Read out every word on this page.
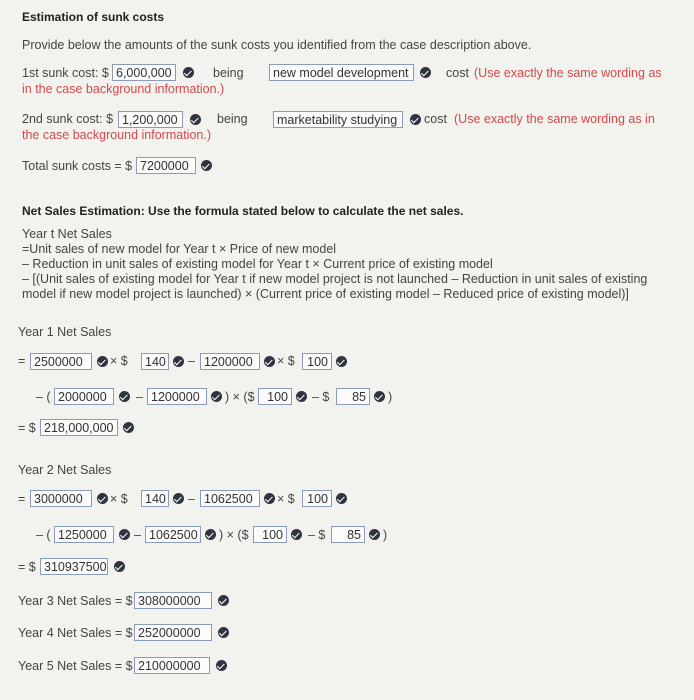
Estimation of sunk costs
Provide below the amounts of the sunk costs you identified from the case description above.
1st sunk cost: $ 6,000,000	being	new model development	cost (Use exactly the same wording as
in the case background information.)
2nd sunk cost: $ 1,200,000	being	marketability studying	cost (Use exactly the same wording as in
the case background information.)
Total sunk costs = $ 7200000
Net Sales Estimation: Use the formula stated below to calculate the net sales.
Year t Net Sales
=Unit sales of new model for Year t × Price of new model
– Reduction in unit sales of existing model for Year t × Current price of existing model
– [(Unit sales of existing model for Year t if new model project is not launched – Reduction in unit sales of existing
model if new model project is launched) × (Current price of existing model – Reduced price of existing model)]
Year 1 Net Sales
= 2500000	× $	140 – 1200000	× $ 100
– ( 2000000	– 1200000	) × ($	100	– $	85	)
= $ 218,000,000
Year 2 Net Sales
= 3000000	× $	140 – 1062500	× $ 100
– ( 1250000	– 1062500 ) × ($	100	– $	85	)
= $ 310937500
Year 3 Net Sales = $ 308000000
Year 4 Net Sales = $ 252000000
Year 5 Net Sales = $ 210000000
